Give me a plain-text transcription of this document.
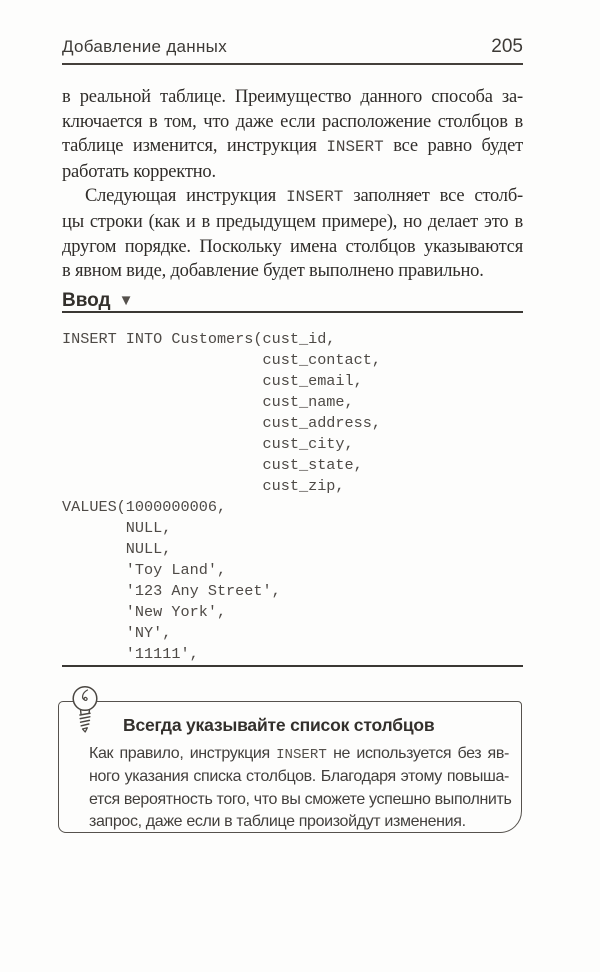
Добавление данных	205
в реальной таблице. Преимущество данного способа за-
ключается в том, что даже если расположение столбцов в
таблице изменится, инструкция INSERT все равно будет
работать корректно.
Следующая инструкция INSERT заполняет все столб-
цы строки (как и в предыдущем примере), но делает это в
другом порядке. Поскольку имена столбцов указываются
в явном виде, добавление будет выполнено правильно.
Ввод ▼
INSERT INTO Customers(cust_id,
cust_contact,
cust_email,
cust_name,
cust_address,
cust_city,
cust_state,
cust_zip,
VALUES(1000000006,
NULL,
NULL,
'Toy Land',
'123 Any Street',
'New York',
'NY',
'11111',
Всегда указывайте список столбцов
Как правило, инструкция INSERT не используется без яв-
ного указания списка столбцов. Благодаря этому повыша-
ется вероятность того, что вы сможете успешно выполнить
запрос, даже если в таблице произойдут изменения.
